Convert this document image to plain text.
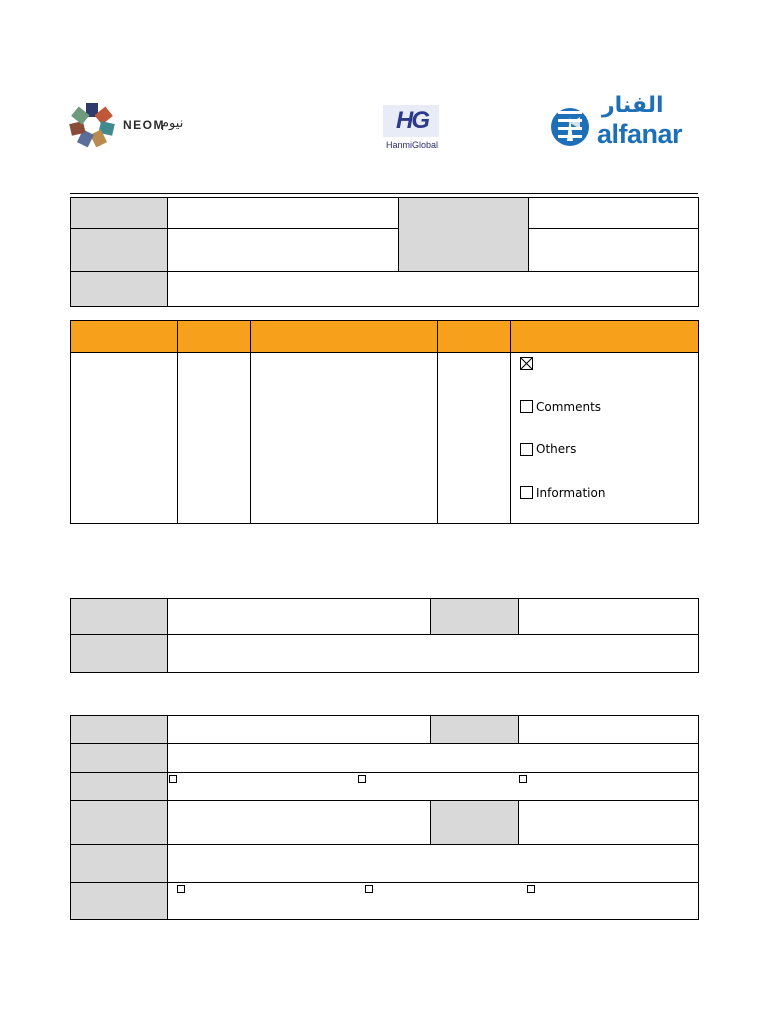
NEOM
نيوم	HG
HanmiGlobal
الفنار
alfanar
Comments
Others
Information
